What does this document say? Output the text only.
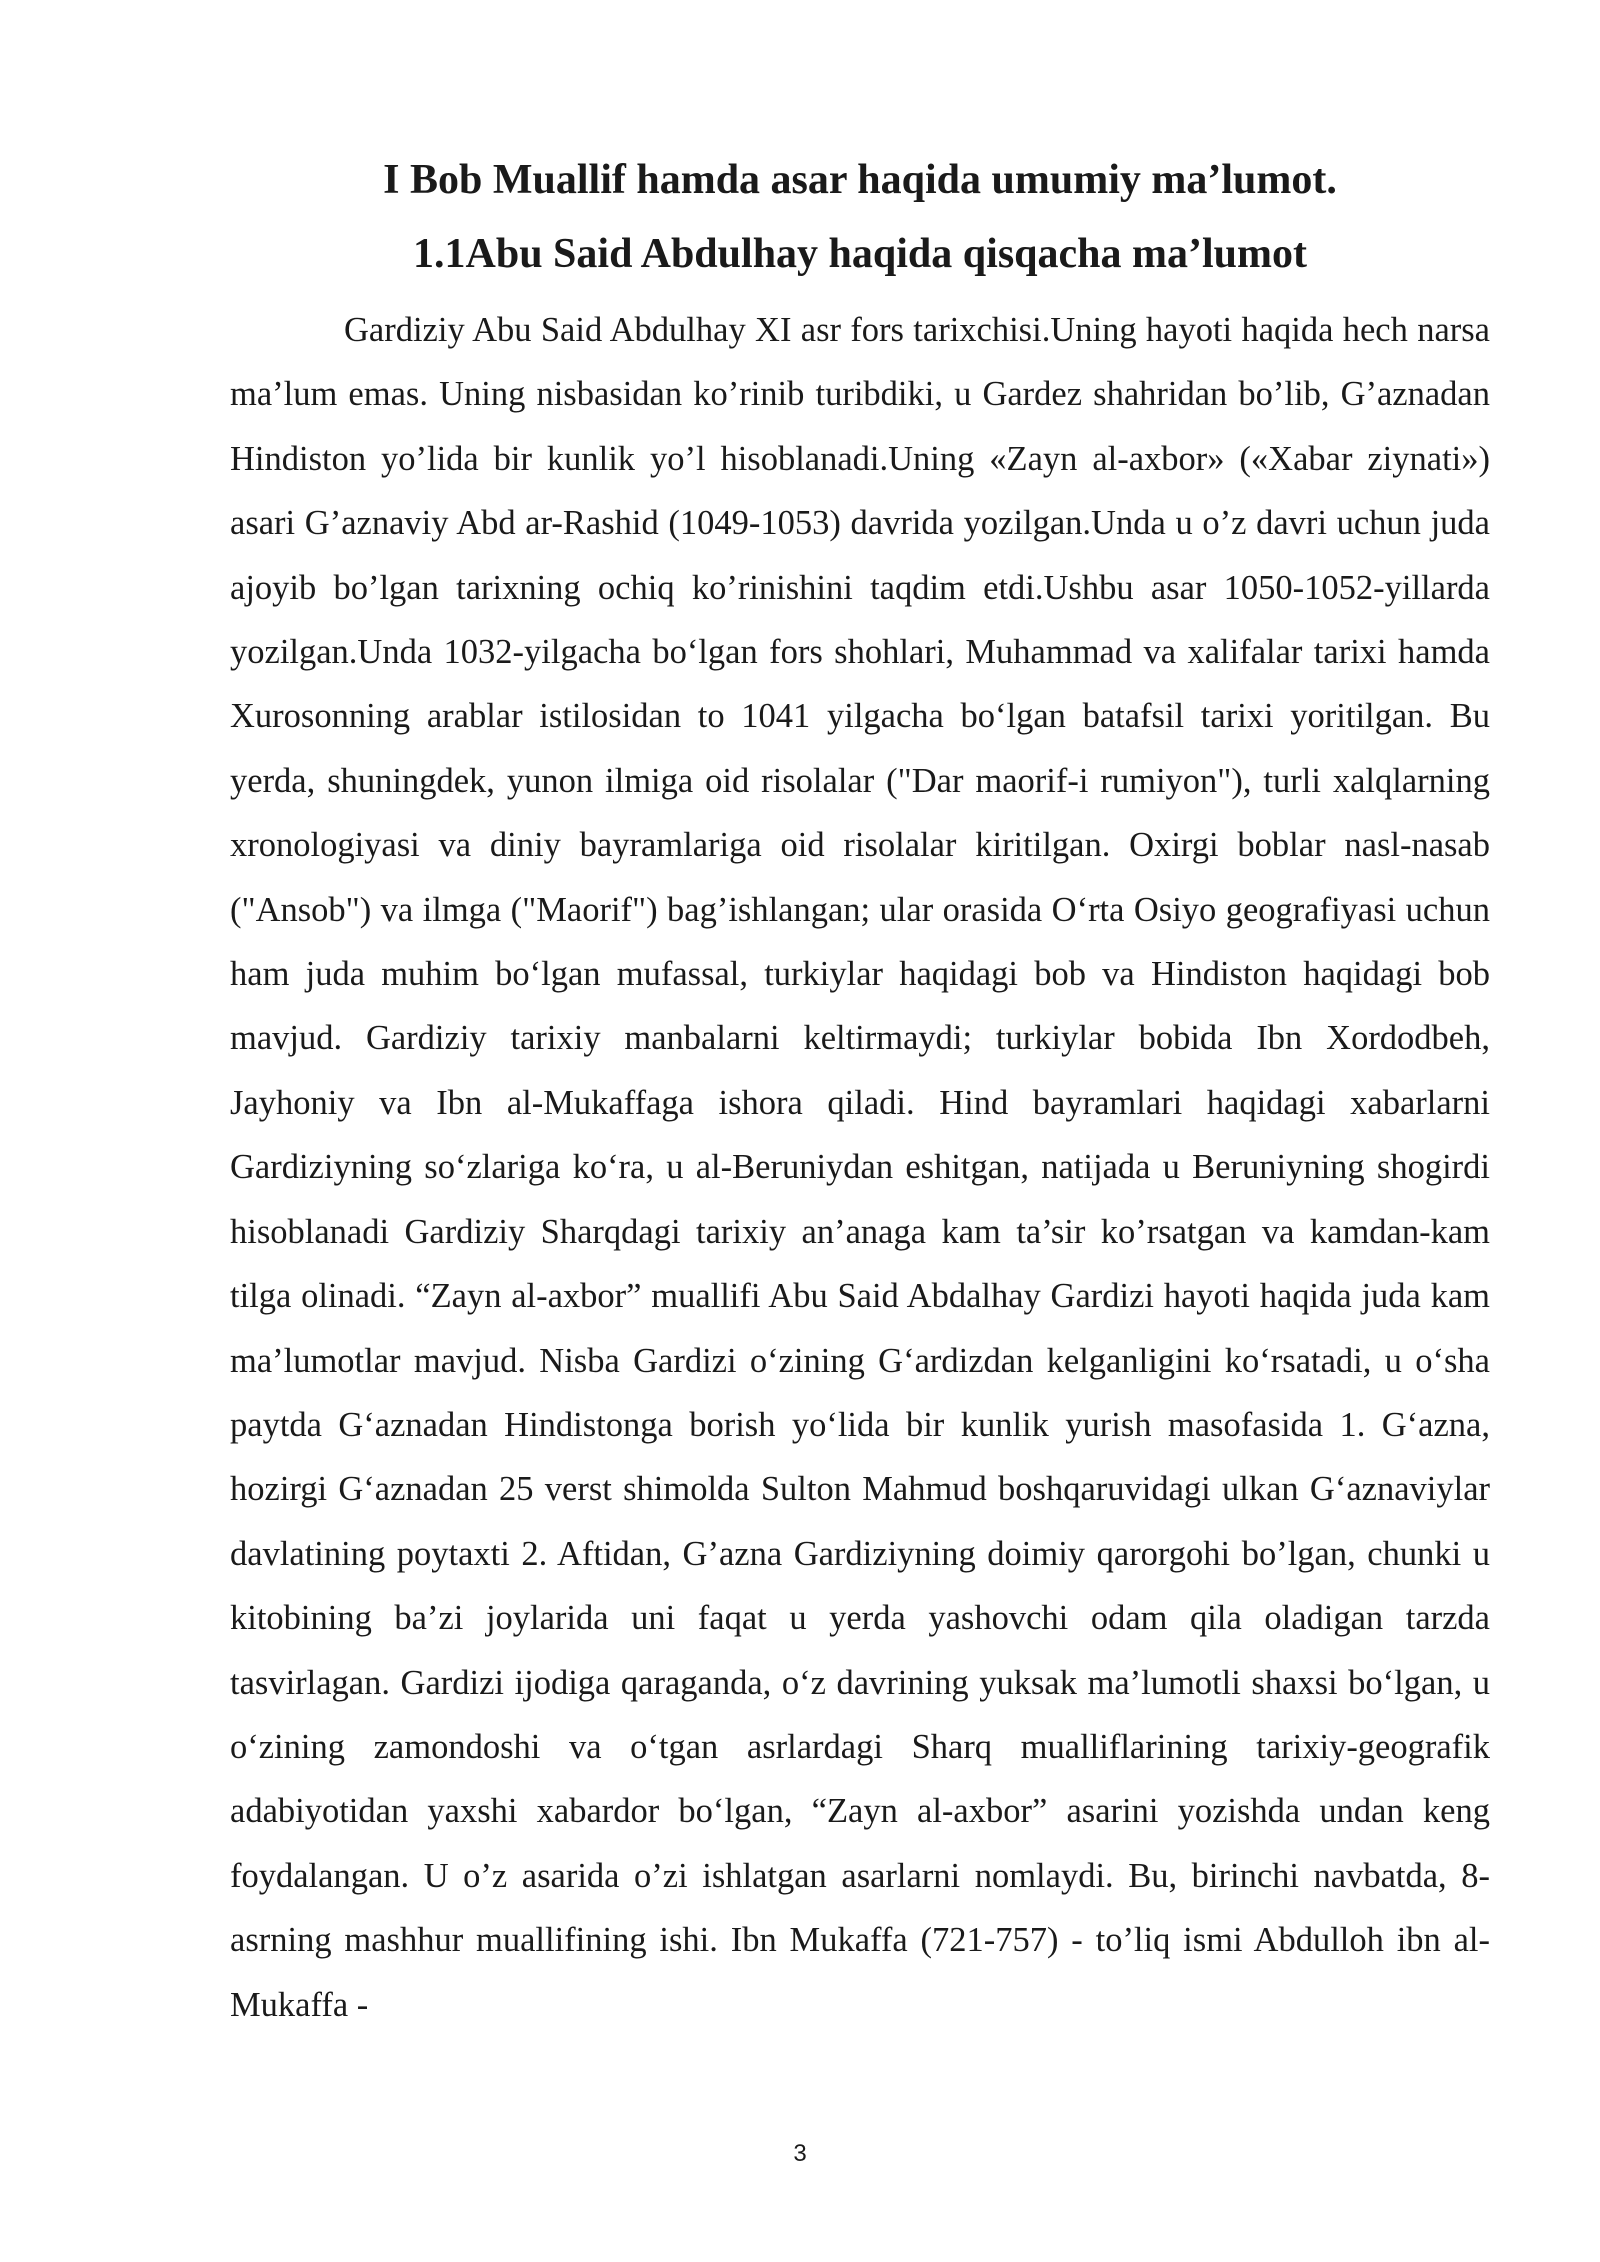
I Bob Muallif hamda asar haqida umumiy ma’lumot.
1.1Abu Said Abdulhay haqida qisqacha ma’lumot

Gardiziy Abu Said Abdulhay XI asr fors tarixchisi.Uning hayoti haqida hech narsa ma’lum emas. Uning nisbasidan ko’rinib turibdiki, u Gardez shahridan bo’lib, G’aznadan Hindiston yo’lida bir kunlik yo’l hisoblanadi.Uning «Zayn al-axbor» («Xabar ziynati») asari G’aznaviy Abd ar-Rashid (1049-1053) davrida yozilgan.Unda u o’z davri uchun juda ajoyib bo’lgan tarixning ochiq ko’rinishini taqdim etdi.Ushbu asar 1050-1052-yillarda yozilgan.Unda 1032-yilgacha bo‘lgan fors shohlari, Muhammad va xalifalar tarixi hamda Xurosonning arablar istilosidan to 1041 yilgacha bo‘lgan batafsil tarixi yoritilgan. Bu yerda, shuningdek, yunon ilmiga oid risolalar ("Dar maorif-i rumiyon"), turli xalqlarning xronologiyasi va diniy bayramlariga oid risolalar kiritilgan. Oxirgi boblar nasl-nasab ("Ansob") va ilmga ("Maorif") bag’ishlangan; ular orasida O‘rta Osiyo geografiyasi uchun ham juda muhim bo‘lgan mufassal, turkiylar haqidagi bob va Hindiston haqidagi bob mavjud. Gardiziy tarixiy manbalarni keltirmaydi; turkiylar bobida Ibn Xordodbeh, Jayhoniy va Ibn al-Mukaffaga ishora qiladi. Hind bayramlari haqidagi xabarlarni Gardiziyning so‘zlariga ko‘ra, u al-Beruniydan eshitgan, natijada u Beruniyning shogirdi hisoblanadi Gardiziy Sharqdagi tarixiy an’anaga kam ta’sir ko’rsatgan va kamdan-kam tilga olinadi. “Zayn al-axbor” muallifi Abu Said Abdalhay Gardizi hayoti haqida juda kam ma’lumotlar mavjud. Nisba Gardizi o‘zining G‘ardizdan kelganligini ko‘rsatadi, u o‘sha paytda G‘aznadan Hindistonga borish yo‘lida bir kunlik yurish masofasida 1. G‘azna, hozirgi G‘aznadan 25 verst shimolda Sulton Mahmud boshqaruvidagi ulkan G‘aznaviylar davlatining poytaxti 2. Aftidan, G’azna Gardiziyning doimiy qarorgohi bo’lgan, chunki u kitobining ba’zi joylarida uni faqat u yerda yashovchi odam qila oladigan tarzda tasvirlagan. Gardizi ijodiga qaraganda, o‘z davrining yuksak ma’lumotli shaxsi bo‘lgan, u o‘zining zamondoshi va o‘tgan asrlardagi Sharq mualliflarining tarixiy-geografik adabiyotidan yaxshi xabardor bo‘lgan, “Zayn al-axbor” asarini yozishda undan keng foydalangan. U o’z asarida o’zi ishlatgan asarlarni nomlaydi. Bu, birinchi navbatda, 8-asrning mashhur muallifining ishi. Ibn Mukaffa (721-757) - to’liq ismi Abdulloh ibn al-Mukaffa -

3
